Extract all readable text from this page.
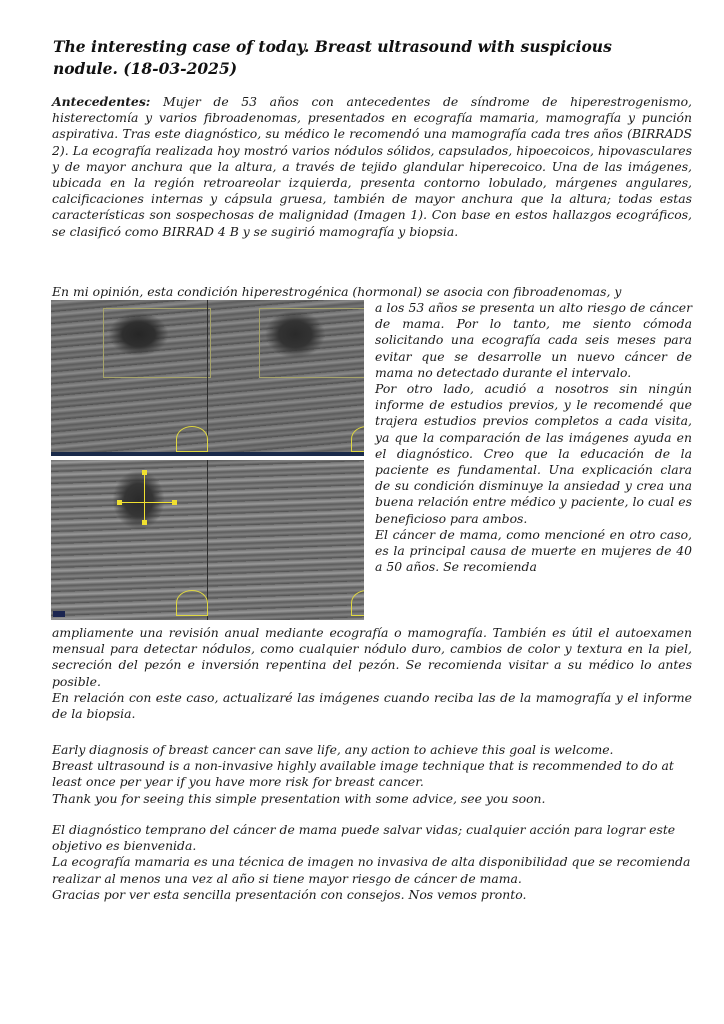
The interesting case of today. Breast ultrasound with suspicious nodule. (18-03-2025)
Antecedentes: Mujer de 53 años con antecedentes de síndrome de hiperestrogenismo, histerectomía y varios fibroadenomas, presentados en ecografía mamaria, mamografía y punción aspirativa. Tras este diagnóstico, su médico le recomendó una mamografía cada tres años (BIRRADS 2). La ecografía realizada hoy mostró varios nódulos sólidos, capsulados, hipoecoicos, hipovasculares y de mayor anchura que la altura, a través de tejido glandular hiperecoico. Una de las imágenes, ubicada en la región retroareolar izquierda, presenta contorno lobulado, márgenes angulares, calcificaciones internas y cápsula gruesa, también de mayor anchura que la altura; todas estas características son sospechosas de malignidad (Imagen 1). Con base en estos hallazgos ecográficos, se clasificó como BIRRAD 4 B y se sugirió mamografía y biopsia.
En mi opinión, esta condición hiperestrogénica (hormonal) se asocia con fibroadenomas, y

a los 53 años se presenta un alto riesgo de cáncer de mama. Por lo tanto, me siento cómoda solicitando una ecografía cada seis meses para evitar que se desarrolle un nuevo cáncer de mama no detectado durante el intervalo.

Por otro lado, acudió a nosotros sin ningún informe de estudios previos, y le recomendé que trajera estudios previos completos a cada visita, ya que la comparación de las imágenes ayuda en el diagnóstico. Creo que la educación de la paciente es fundamental. Una explicación clara de su condición disminuye la ansiedad y crea una buena relación entre médico y paciente, lo cual es beneficioso para ambos.

El cáncer de mama, como mencioné en otro caso, es la principal causa de muerte en mujeres de 40 a 50 años. Se recomienda

ampliamente una revisión anual mediante ecografía o mamografía. También es útil el autoexamen mensual para detectar nódulos, como cualquier nódulo duro, cambios de color y textura en la piel, secreción del pezón e inversión repentina del pezón. Se recomienda visitar a su médico lo antes posible.

En relación con este caso, actualizaré las imágenes cuando reciba las de la mamografía y el informe de la biopsia.

Early diagnosis of breast cancer can save life, any action to achieve this goal is welcome.

Breast ultrasound is a non-invasive highly available image technique that is recommended to do at least once per year if you have more risk for breast cancer.

Thank you for seeing this simple presentation with some advice, see you soon.

El diagnóstico temprano del cáncer de mama puede salvar vidas; cualquier acción para lograr este objetivo es bienvenida.

La ecografía mamaria es una técnica de imagen no invasiva de alta disponibilidad que se recomienda realizar al menos una vez al año si tiene mayor riesgo de cáncer de mama.

Gracias por ver esta sencilla presentación con consejos. Nos vemos pronto.
